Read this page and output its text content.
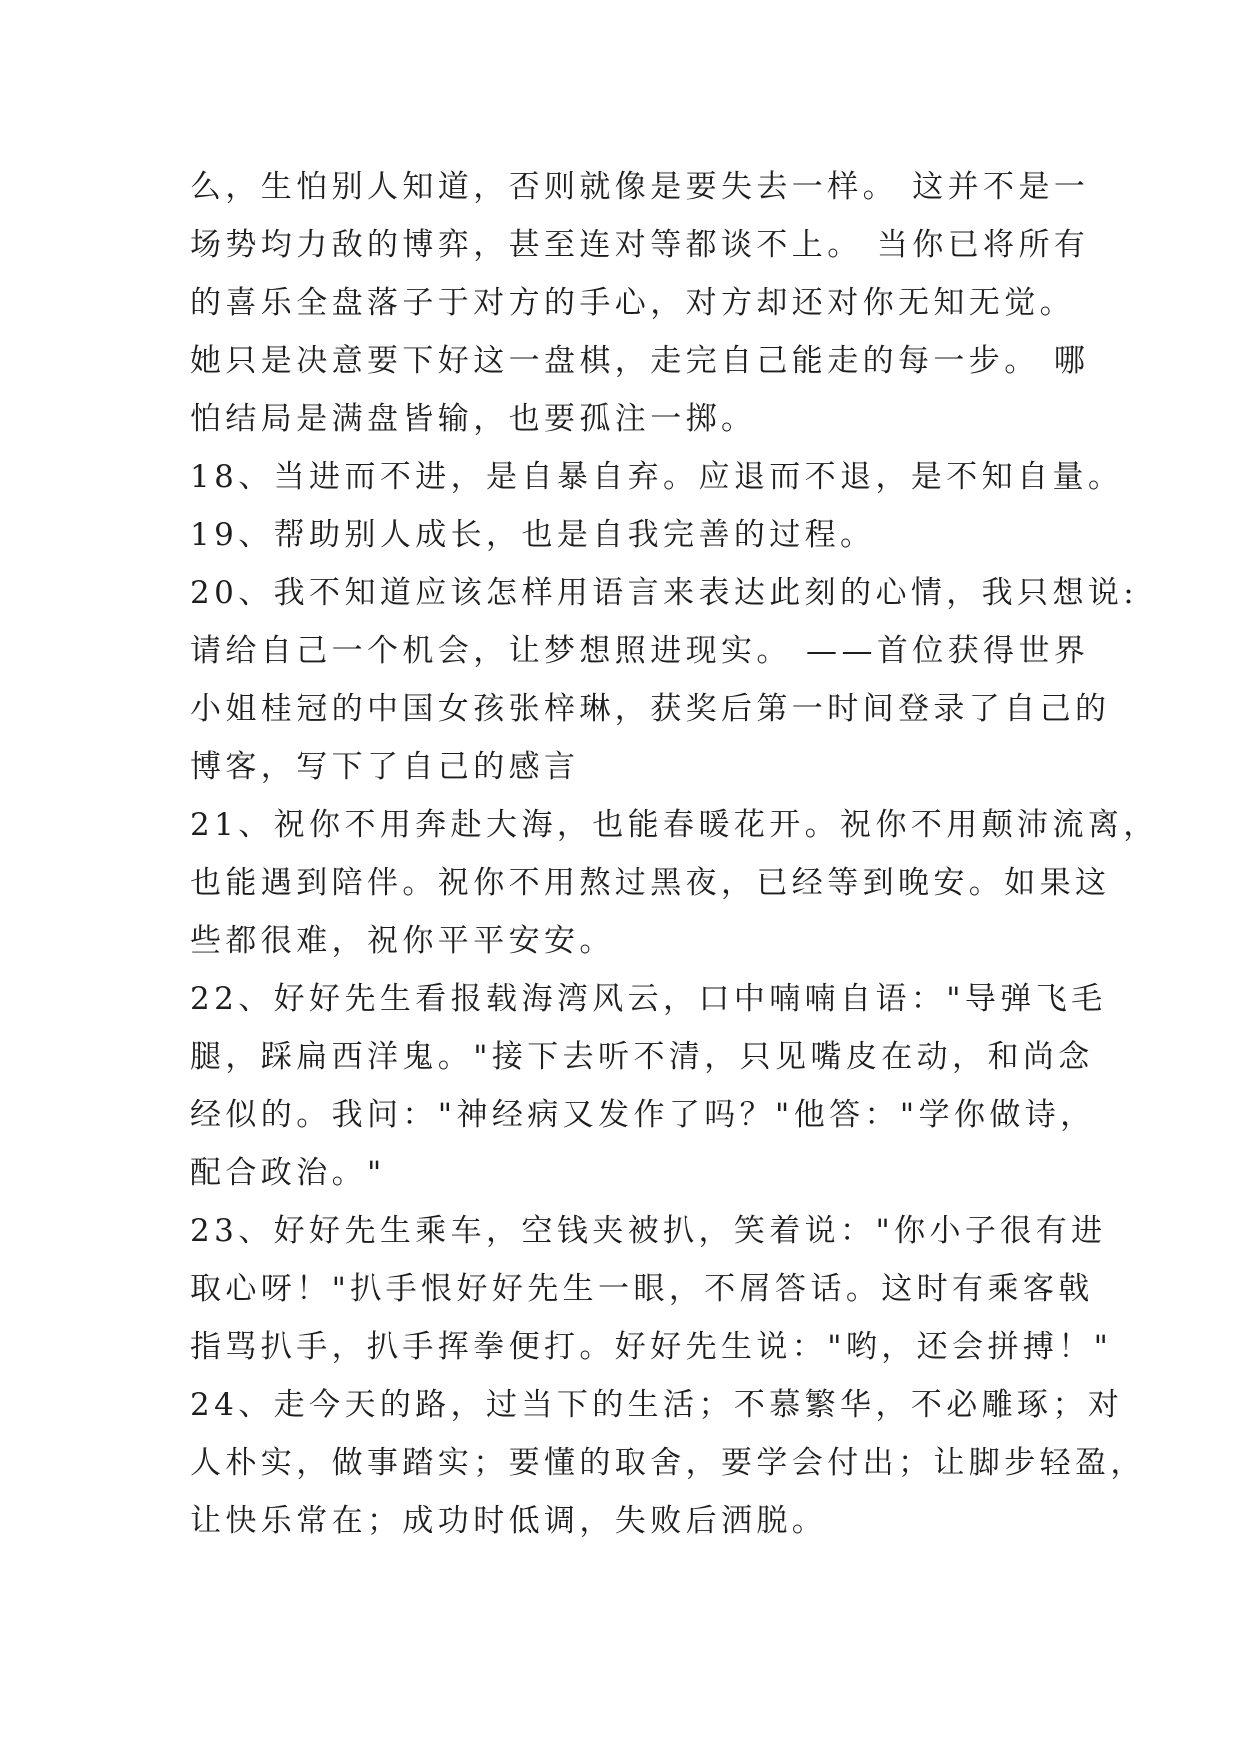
么，生怕别人知道，否则就像是要失去一样。 这并不是一
场势均力敌的博弈，甚至连对等都谈不上。 当你已将所有
的喜乐全盘落子于对方的手心，对方却还对你无知无觉。
她只是决意要下好这一盘棋，走完自己能走的每一步。 哪
怕结局是满盘皆输，也要孤注一掷。
18、当进而不进，是自暴自弃。应退而不退，是不知自量。
19、帮助别人成长，也是自我完善的过程。
20、我不知道应该怎样用语言来表达此刻的心情，我只想说:
请给自己一个机会，让梦想照进现实。 ——首位获得世界
小姐桂冠的中国女孩张梓琳，获奖后第一时间登录了自己的
博客，写下了自己的感言
21、祝你不用奔赴大海，也能春暖花开。祝你不用颠沛流离，
也能遇到陪伴。祝你不用熬过黑夜，已经等到晚安。如果这
些都很难，祝你平平安安。
22、好好先生看报载海湾风云，口中喃喃自语："导弹飞毛
腿，踩扁西洋鬼。"接下去听不清，只见嘴皮在动，和尚念
经似的。我问："神经病又发作了吗？"他答："学你做诗，
配合政治。"
23、好好先生乘车，空钱夹被扒，笑着说："你小子很有进
取心呀！"扒手恨好好先生一眼，不屑答话。这时有乘客戟
指骂扒手，扒手挥拳便打。好好先生说："哟，还会拼搏！"
24、走今天的路，过当下的生活；不慕繁华，不必雕琢；对
人朴实，做事踏实；要懂的取舍，要学会付出；让脚步轻盈，
让快乐常在；成功时低调，失败后洒脱。
